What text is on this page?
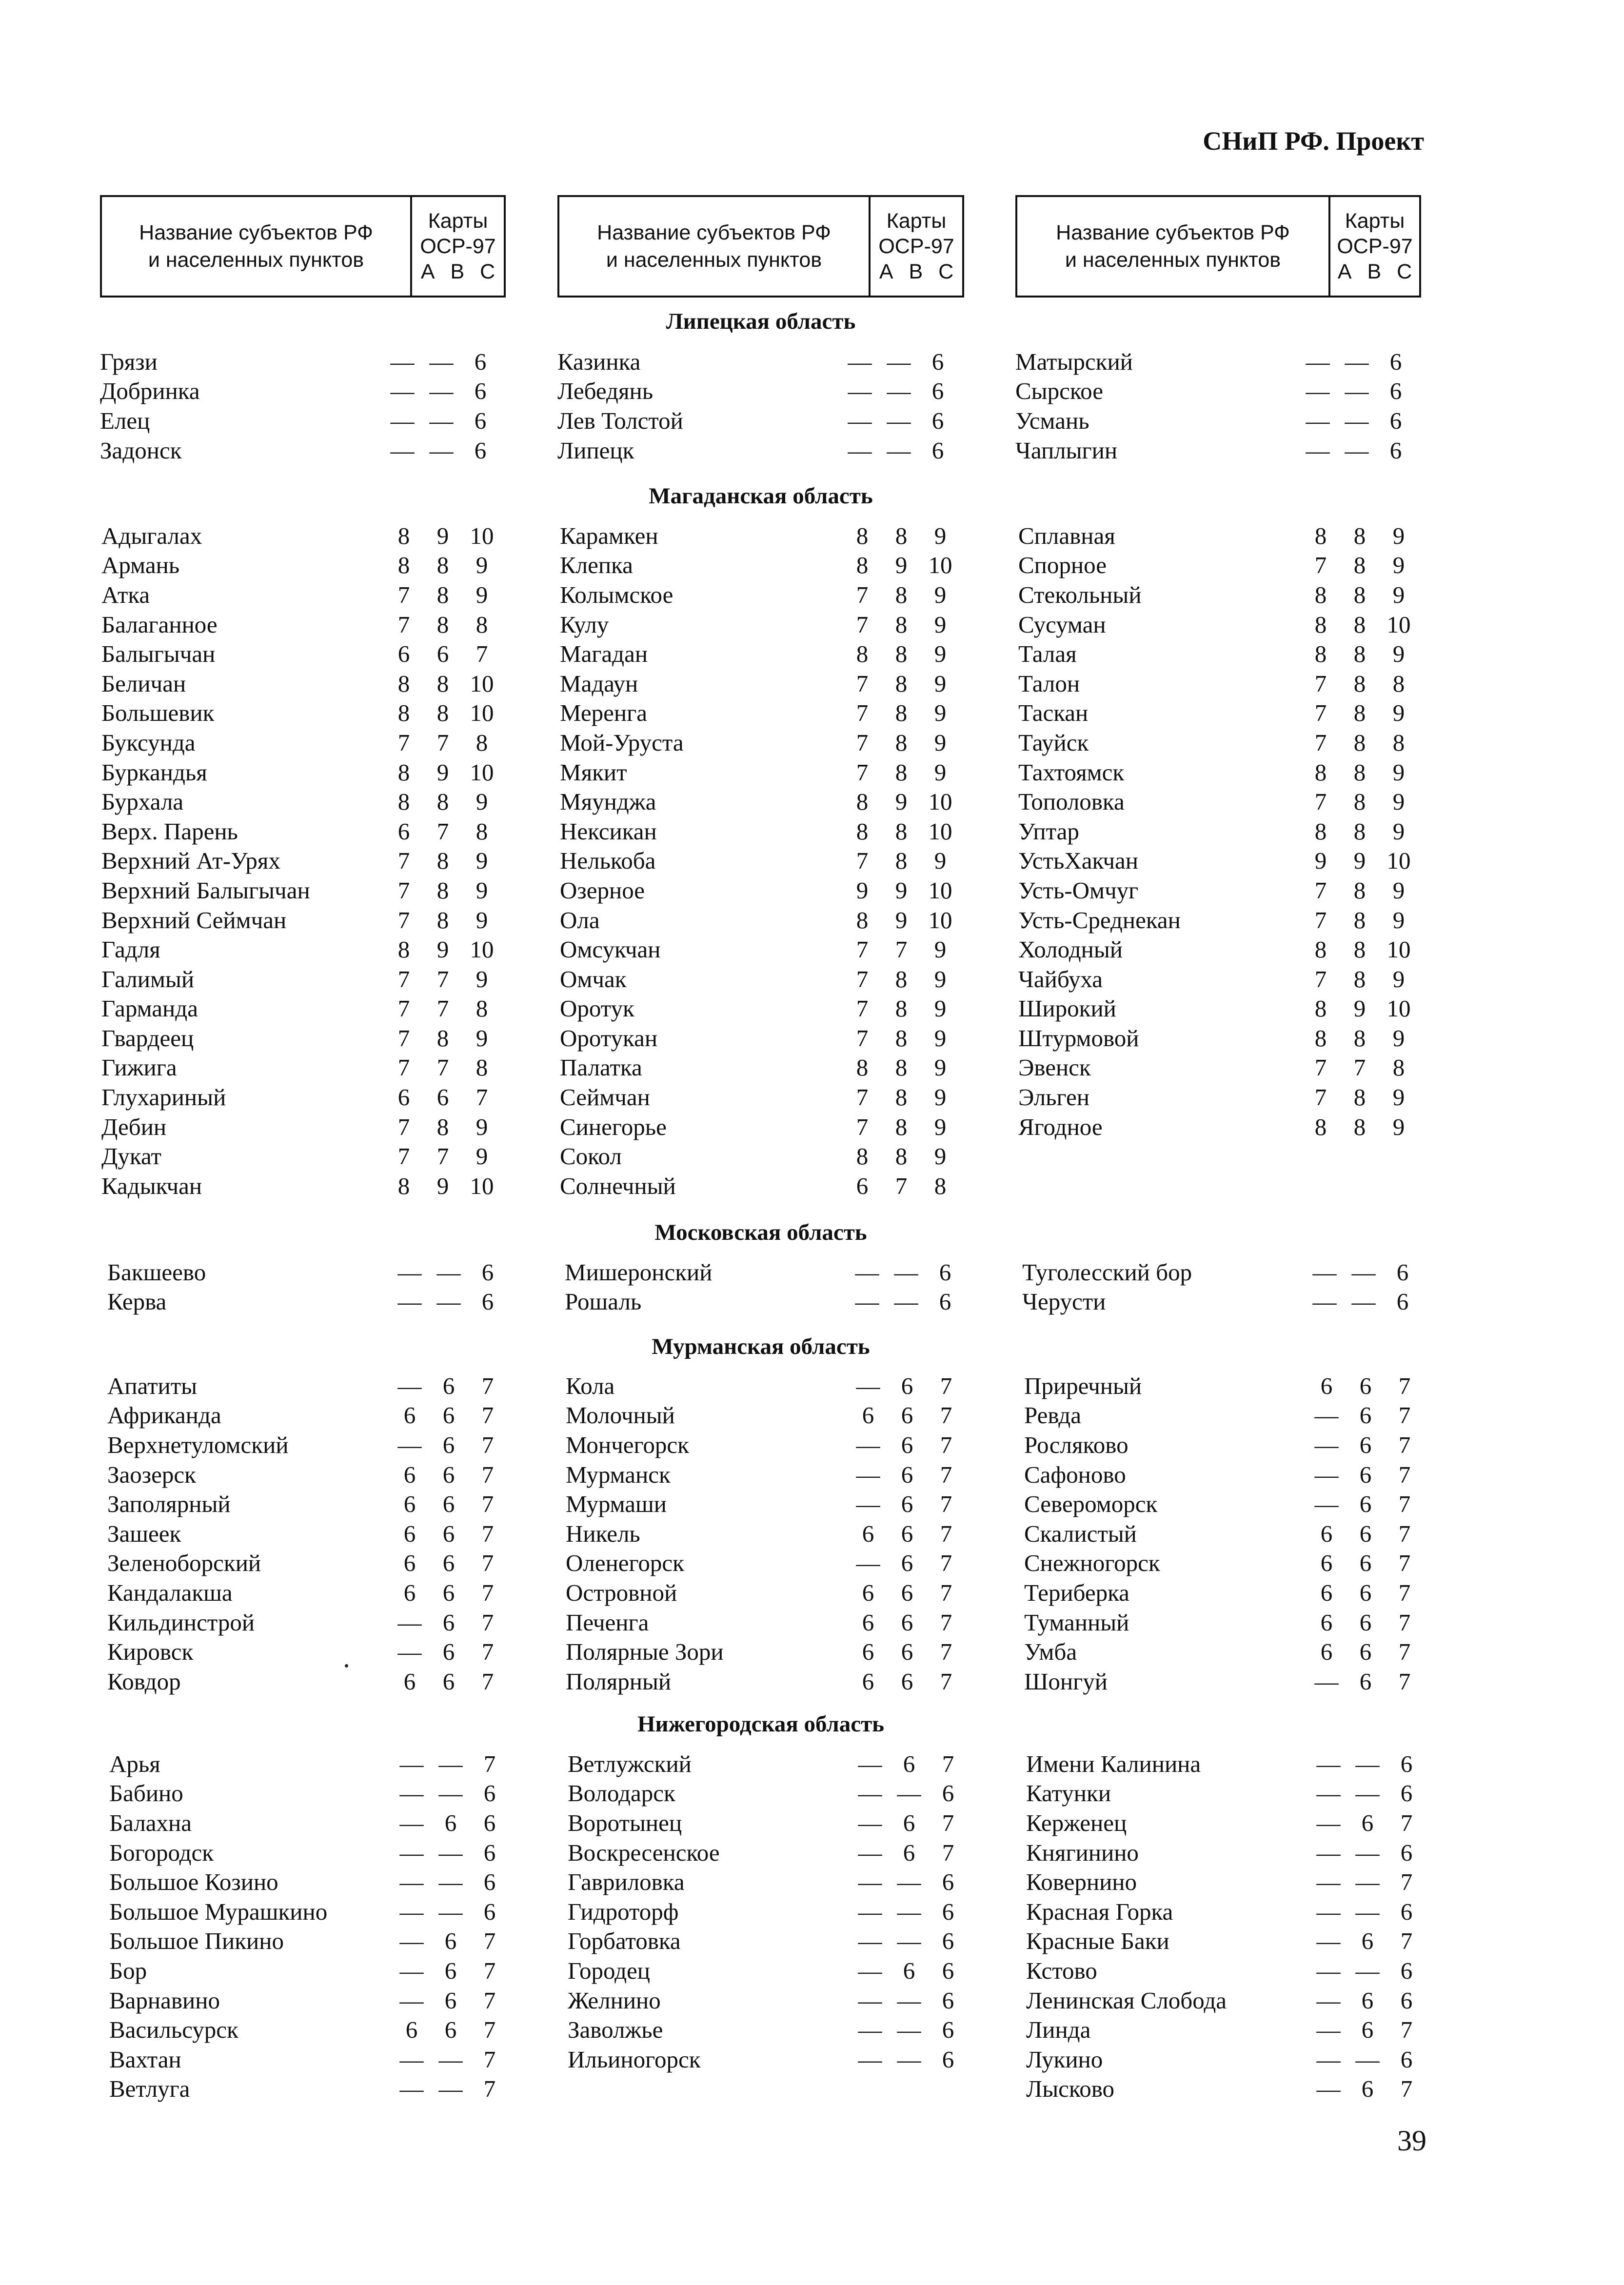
СНиП РФ. Проект
Название субъектов РФ
и населенных пунктов
Карты
ОСР-97
А В С
Название субъектов РФ
и населенных пунктов
Карты
ОСР-97
А В С
Название субъектов РФ
и населенных пунктов
Карты
ОСР-97
А В С
Липецкая область
Магаданская область
Московская область
Мурманская область
Нижегородская область
Грязи	— — 6
Добринка	— — 6
Елец	— — 6
Задонск	— — 6
Казинка	— — 6
Лебедянь	— — 6
Лев Толстой	— — 6
Липецк	— — 6
Матырский	— — 6
Сырское	— — 6
Усмань	— — 6
Чаплыгин	— — 6
Адыгалах	8	9 10
Армань	8	8	9
Атка	7	8	9
Балаганное	7	8	8
Балыгычан	6	6	7
Беличан	8	8 10
Большевик	8	8 10
Буксунда	7	7	8
Буркандья	8	9 10
Бурхала	8	8	9
Верх. Парень	6	7	8
Верхний Ат-Урях	7	8	9
Верхний Балыгычан	7	8	9
Верхний Сеймчан	7	8	9
Гадля	8	9 10
Галимый	7	7	9
Гарманда	7	7	8
Гвардеец	7	8	9
Гижига	7	7	8
Глухариный	6	6	7
Дебин	7	8	9
Дукат	7	7	9
Кадыкчан	8	9 10
Карамкен	8	8	9
Клепка	8	9 10
Колымское	7	8	9
Кулу	7	8	9
Магадан	8	8	9
Мадаун	7	8	9
Меренга	7	8	9
Мой-Уруста	7	8	9
Мякит	7	8	9
Мяунджа	8	9 10
Нексикан	8	8 10
Нелькоба	7	8	9
Озерное	9	9 10
Ола	8	9 10
Омсукчан	7	7	9
Омчак	7	8	9
Оротук	7	8	9
Оротукан	7	8	9
Палатка	8	8	9
Сеймчан	7	8	9
Синегорье	7	8	9
Сокол	8	8	9
Солнечный	6	7	8
Сплавная	8	8	9
Спорное	7	8	9
Стекольный	8	8	9
Сусуман	8	8 10
Талая	8	8	9
Талон	7	8	8
Таскан	7	8	9
Тауйск	7	8	8
Тахтоямск	8	8	9
Тополовка	7	8	9
Уптар	8	8	9
УстьХакчан	9	9 10
Усть-Омчуг	7	8	9
Усть-Среднекан	7	8	9
Холодный	8	8 10
Чайбуха	7	8	9
Широкий	8	9 10
Штурмовой	8	8	9
Эвенск	7	7	8
Эльген	7	8	9
Ягодное	8	8	9
Бакшеево	— — 6
Керва	— — 6
Мишеронский	— — 6
Рошаль	— — 6
Туголесский бор	— — 6
Черусти	— — 6
Апатиты	— 6	7
Африканда	6	6	7
Верхнетуломский	— 6	7
Заозерск	6	6	7
Заполярный	6	6	7
Зашеек	6	6	7
Зеленоборский	6	6	7
Кандалакша	6	6	7
Кильдинстрой	— 6	7
Кировск	— 6	7
Ковдор	6	6	7
Кола	— 6	7
Молочный	6	6	7
Мончегорск	— 6	7
Мурманск	— 6	7
Мурмаши	— 6	7
Никель	6	6	7
Оленегорск	— 6	7
Островной	6	6	7
Печенга	6	6	7
Полярные Зори	6	6	7
Полярный	6	6	7
Приречный	6	6	7
Ревда	— 6	7
Росляково	— 6	7
Сафоново	— 6	7
Североморск	— 6	7
Скалистый	6	6	7
Снежногорск	6	6	7
Териберка	6	6	7
Туманный	6	6	7
Умба	6	6	7
Шонгуй	— 6	7
Арья	— — 7
Бабино	— — 6
Балахна	— 6	6
Богородск	— — 6
Большое Козино	— — 6
Большое Мурашкино	— — 6
Большое Пикино	— 6	7
Бор	— 6	7
Варнавино	— 6	7
Васильсурск	6	6	7
Вахтан	— — 7
Ветлуга	— — 7
Ветлужский	— 6	7
Володарск	— — 6
Воротынец	— 6	7
Воскресенское	— 6	7
Гавриловка	— — 6
Гидроторф	— — 6
Горбатовка	— — 6
Городец	— 6	6
Желнино	— — 6
Заволжье	— — 6
Ильиногорск	— — 6
Имени Калинина	— — 6
Катунки	— — 6
Керженец	— 6	7
Княгинино	— — 6
Ковернино	— — 7
Красная Горка	— — 6
Красные Баки	— 6	7
Кстово	— — 6
Ленинская Слобода	— 6	6
Линда	— 6	7
Лукино	— — 6
Лысково	— 6	7
39
